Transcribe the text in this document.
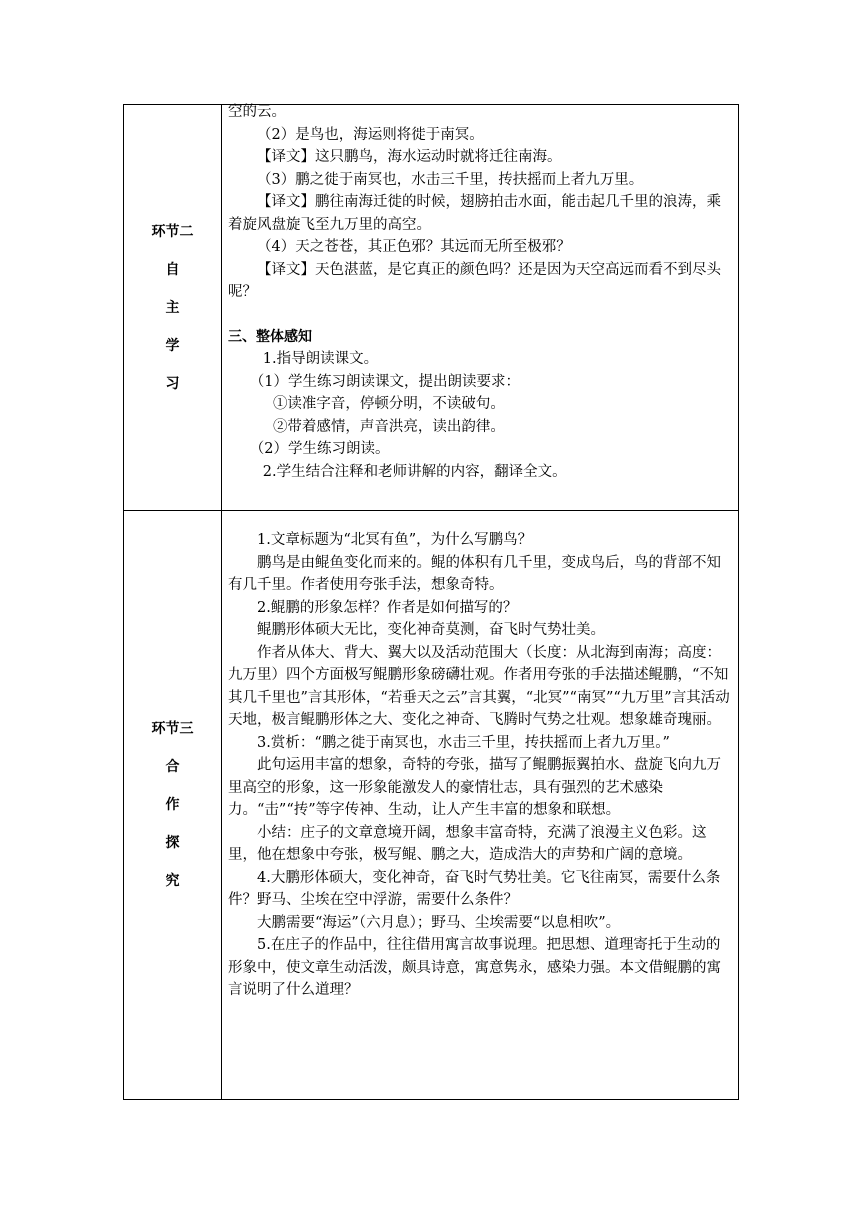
环节二
自
主
学
习

空的云。

（2）是鸟也，海运则将徙于南冥。

【译文】这只鹏鸟，海水运动时就将迁往南海。

（3）鹏之徙于南冥也，水击三千里，抟扶摇而上者九万里。

【译文】鹏往南海迁徙的时候，翅膀拍击水面，能击起几千里的浪涛，乘着旋风盘旋飞至九万里的高空。

（4）天之苍苍，其正色邪？其远而无所至极邪？

【译文】天色湛蓝，是它真正的颜色吗？还是因为天空高远而看不到尽头呢？

三、整体感知

1.指导朗读课文。

（1）学生练习朗读课文，提出朗读要求：

①读准字音，停顿分明，不读破句。

②带着感情，声音洪亮，读出韵律。

（2）学生练习朗读。

2.学生结合注释和老师讲解的内容，翻译全文。

环节三
合
作
探
究

1.文章标题为“北冥有鱼”，为什么写鹏鸟？

鹏鸟是由鲲鱼变化而来的。鲲的体积有几千里，变成鸟后，鸟的背部不知有几千里。作者使用夸张手法，想象奇特。

2.鲲鹏的形象怎样？作者是如何描写的？

鲲鹏形体硕大无比，变化神奇莫测，奋飞时气势壮美。

作者从体大、背大、翼大以及活动范围大（长度：从北海到南海；高度：九万里）四个方面极写鲲鹏形象磅礴壮观。作者用夸张的手法描述鲲鹏，“不知其几千里也”言其形体，“若垂天之云”言其翼，“北冥”“南冥”“九万里”言其活动天地，极言鲲鹏形体之大、变化之神奇、飞腾时气势之壮观。想象雄奇瑰丽。

3.赏析：“鹏之徙于南冥也，水击三千里，抟扶摇而上者九万里。”

此句运用丰富的想象，奇特的夸张，描写了鲲鹏振翼拍水、盘旋飞向九万里高空的形象，这一形象能激发人的豪情壮志，具有强烈的艺术感染力。“击”“抟”等字传神、生动，让人产生丰富的想象和联想。

小结：庄子的文章意境开阔，想象丰富奇特，充满了浪漫主义色彩。这里，他在想象中夸张，极写鲲、鹏之大，造成浩大的声势和广阔的意境。

4.大鹏形体硕大，变化神奇，奋飞时气势壮美。它飞往南冥，需要什么条件？野马、尘埃在空中浮游，需要什么条件？

大鹏需要“海运”（六月息）；野马、尘埃需要“以息相吹”。

5.在庄子的作品中，往往借用寓言故事说理。把思想、道理寄托于生动的形象中，使文章生动活泼，颇具诗意，寓意隽永，感染力强。本文借鲲鹏的寓言说明了什么道理？
